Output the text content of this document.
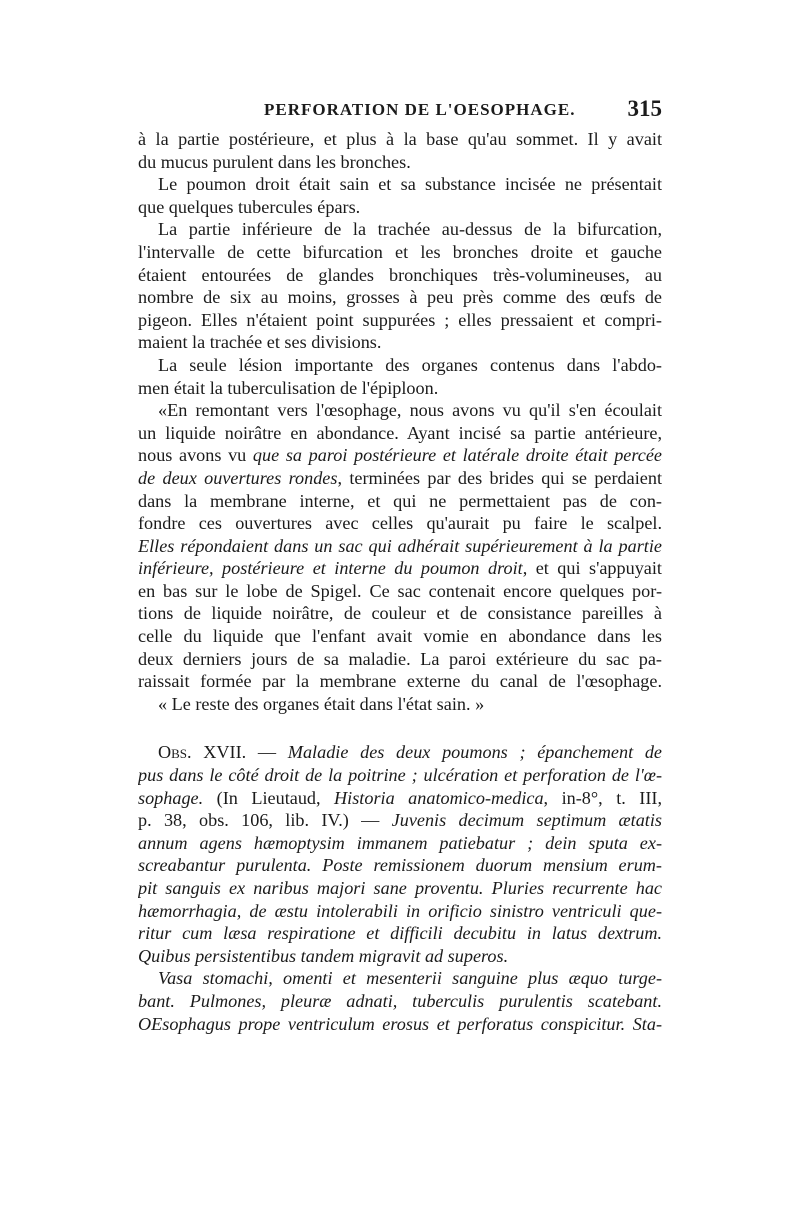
PERFORATION DE L'OESOPHAGE. 315
à la partie postérieure, et plus à la base qu'au sommet. Il y avait
du mucus purulent dans les bronches.
Le poumon droit était sain et sa substance incisée ne présentait
que quelques tubercules épars.
La partie inférieure de la trachée au-dessus de la bifurcation,
l'intervalle de cette bifurcation et les bronches droite et gauche
étaient entourées de glandes bronchiques très-volumineuses, au
nombre de six au moins, grosses à peu près comme des œufs de
pigeon. Elles n'étaient point suppurées ; elles pressaient et compri-
maient la trachée et ses divisions.
La seule lésion importante des organes contenus dans l'abdo-
men était la tuberculisation de l'épiploon.
«En remontant vers l'œsophage, nous avons vu qu'il s'en écoulait
un liquide noirâtre en abondance. Ayant incisé sa partie antérieure,
nous avons vu que sa paroi postérieure et latérale droite était percée
de deux ouvertures rondes, terminées par des brides qui se perdaient
dans la membrane interne, et qui ne permettaient pas de con-
fondre ces ouvertures avec celles qu'aurait pu faire le scalpel.
Elles répondaient dans un sac qui adhérait supérieurement à la partie
inférieure, postérieure et interne du poumon droit, et qui s'appuyait
en bas sur le lobe de Spigel. Ce sac contenait encore quelques por-
tions de liquide noirâtre, de couleur et de consistance pareilles à
celle du liquide que l'enfant avait vomie en abondance dans les
deux derniers jours de sa maladie. La paroi extérieure du sac pa-
raissait formée par la membrane externe du canal de l'œsophage.
« Le reste des organes était dans l'état sain. »
Obs. XVII. — Maladie des deux poumons ; épanchement de
pus dans le côté droit de la poitrine ; ulcération et perforation de l'œ-
sophage. (In Lieutaud, Historia anatomico-medica, in-8°, t. III,
p. 38, obs. 106, lib. IV.) — Juvenis decimum septimum ætatis
annum agens hæmoptysim immanem patiebatur ; dein sputa ex-
screabantur purulenta. Poste remissionem duorum mensium erum-
pit sanguis ex naribus majori sane proventu. Pluries recurrente hac
hæmorrhagia, de æstu intolerabili in orificio sinistro ventriculi que-
ritur cum læsa respiratione et difficili decubitu in latus dextrum.
Quibus persistentibus tandem migravit ad superos.
Vasa stomachi, omenti et mesenterii sanguine plus æquo turge-
bant. Pulmones, pleuræ adnati, tuberculis purulentis scatebant.
OEsophagus prope ventriculum erosus et perforatus conspicitur. Sta-
